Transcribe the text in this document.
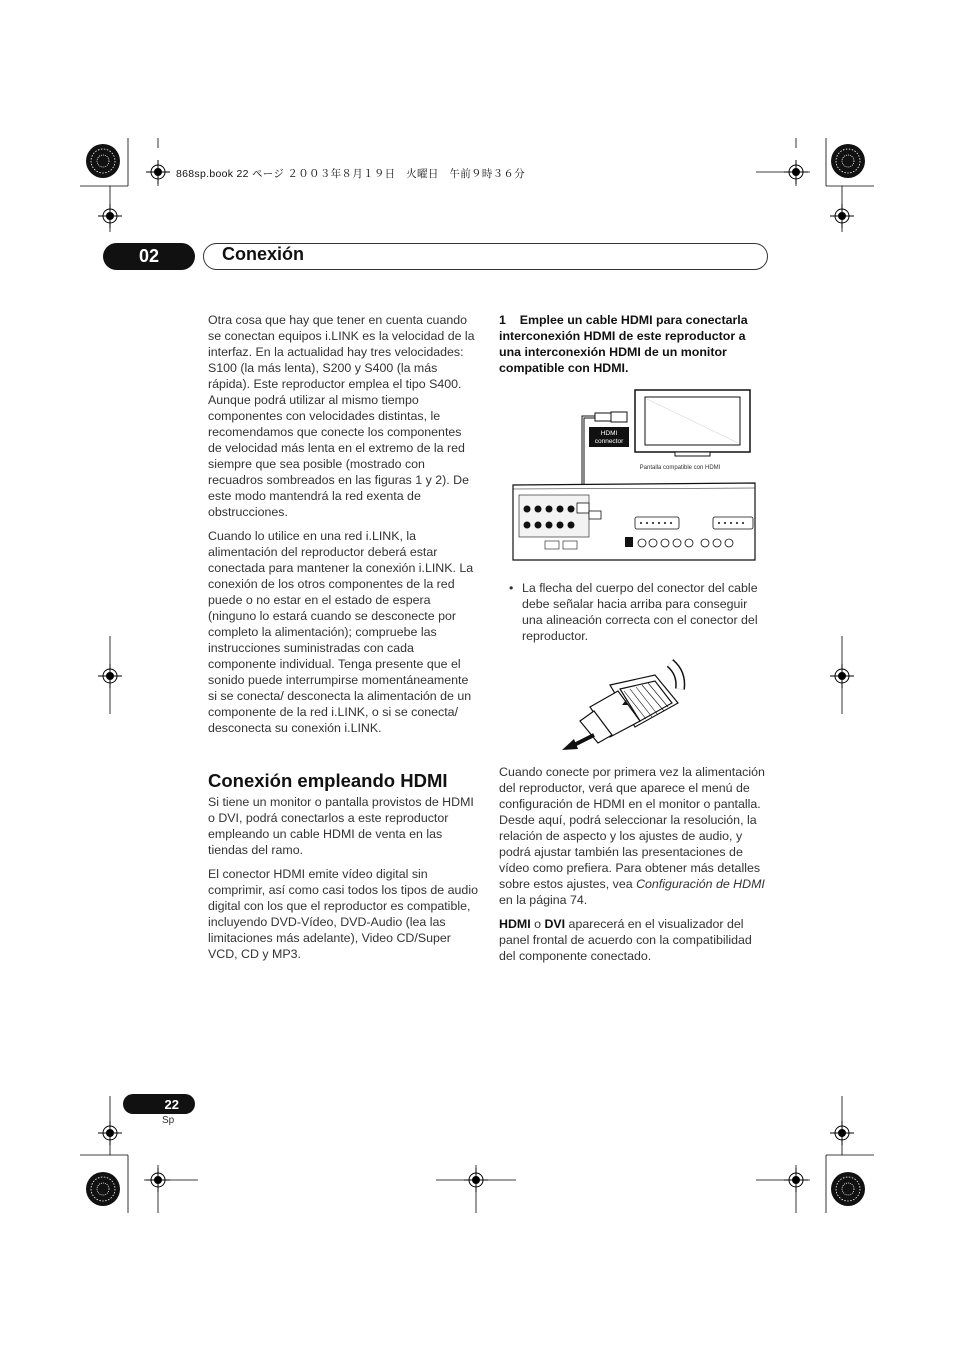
868sp.book 22 ページ ２００３年８月１９日　火曜日　午前９時３６分
02	Conexión

Otra cosa que hay que tener en cuenta cuando se conectan equipos i.LINK es la velocidad de la interfaz. En la actualidad hay tres velocidades: S100 (la más lenta), S200 y S400 (la más rápida). Este reproductor emplea el tipo S400. Aunque podrá utilizar al mismo tiempo componentes con velocidades distintas, le recomendamos que conecte los componentes de velocidad más lenta en el extremo de la red siempre que sea posible (mostrado con recuadros sombreados en las figuras 1 y 2). De este modo mantendrá la red exenta de obstrucciones.

Cuando lo utilice en una red i.LINK, la alimentación del reproductor deberá estar conectada para mantener la conexión i.LINK. La conexión de los otros componentes de la red puede o no estar en el estado de espera (ninguno lo estará cuando se desconecte por completo la alimentación); compruebe las instrucciones suministradas con cada componente individual. Tenga presente que el sonido puede interrumpirse momentáneamente si se conecta/ desconecta la alimentación de un componente de la red i.LINK, o si se conecta/ desconecta su conexión i.LINK.

Conexión empleando HDMI

Si tiene un monitor o pantalla provistos de HDMI o DVI, podrá conectarlos a este reproductor empleando un cable HDMI de venta en las tiendas del ramo.

El conector HDMI emite vídeo digital sin comprimir, así como casi todos los tipos de audio digital con los que el reproductor es compatible, incluyendo DVD-Vídeo, DVD-Audio (lea las limitaciones más adelante), Video CD/Super VCD, CD y MP3.

1 Emplee un cable HDMI para conectarla interconexión HDMI de este reproductor a una interconexión HDMI de un monitor compatible con HDMI.
HDMI
connector
Pantalla compatible con HDMI
• La flecha del cuerpo del conector del cable debe señalar hacia arriba para conseguir una alineación correcta con el conector del reproductor.

Cuando conecte por primera vez la alimentación del reproductor, verá que aparece el menú de configuración de HDMI en el monitor o pantalla. Desde aquí, podrá seleccionar la resolución, la relación de aspecto y los ajustes de audio, y podrá ajustar también las presentaciones de vídeo como prefiera. Para obtener más detalles sobre estos ajustes, vea Configuración de HDMI en la página 74.

HDMI o DVI aparecerá en el visualizador del panel frontal de acuerdo con la compatibilidad del componente conectado.

22
Sp
